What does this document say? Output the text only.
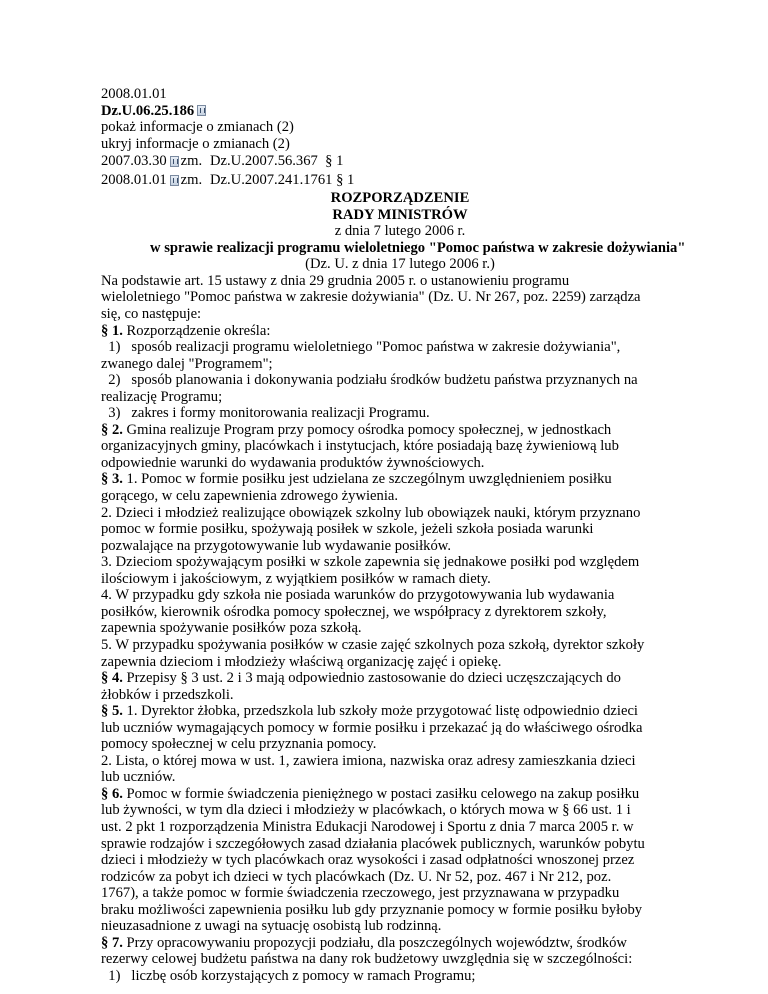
2008.01.01
Dz.U.06.25.186
pokaż informacje o zmianach (2)
ukryj informacje o zmianach (2)
2007.03.30 zm. Dz.U.2007.56.367  § 1
2008.01.01 zm. Dz.U.2007.241.1761 § 1
ROZPORZĄDZENIE
RADY MINISTRÓW
z dnia 7 lutego 2006 r.
w sprawie realizacji programu wieloletniego "Pomoc państwa w zakresie dożywiania"
(Dz. U. z dnia 17 lutego 2006 r.)
Na podstawie art. 15 ustawy z dnia 29 grudnia 2005 r. o ustanowieniu programu
wieloletniego "Pomoc państwa w zakresie dożywiania" (Dz. U. Nr 267, poz. 2259) zarządza
się, co następuje:
§ 1. Rozporządzenie określa:
1)   sposób realizacji programu wieloletniego "Pomoc państwa w zakresie dożywiania",
zwanego dalej "Programem";
2)   sposób planowania i dokonywania podziału środków budżetu państwa przyznanych na
realizację Programu;
3)   zakres i formy monitorowania realizacji Programu.
§ 2. Gmina realizuje Program przy pomocy ośrodka pomocy społecznej, w jednostkach
organizacyjnych gminy, placówkach i instytucjach, które posiadają bazę żywieniową lub
odpowiednie warunki do wydawania produktów żywnościowych.
§ 3. 1. Pomoc w formie posiłku jest udzielana ze szczególnym uwzględnieniem posiłku
gorącego, w celu zapewnienia zdrowego żywienia.
2. Dzieci i młodzież realizujące obowiązek szkolny lub obowiązek nauki, którym przyznano
pomoc w formie posiłku, spożywają posiłek w szkole, jeżeli szkoła posiada warunki
pozwalające na przygotowywanie lub wydawanie posiłków.
3. Dzieciom spożywającym posiłki w szkole zapewnia się jednakowe posiłki pod względem
ilościowym i jakościowym, z wyjątkiem posiłków w ramach diety.
4. W przypadku gdy szkoła nie posiada warunków do przygotowywania lub wydawania
posiłków, kierownik ośrodka pomocy społecznej, we współpracy z dyrektorem szkoły,
zapewnia spożywanie posiłków poza szkołą.
5. W przypadku spożywania posiłków w czasie zajęć szkolnych poza szkołą, dyrektor szkoły
zapewnia dzieciom i młodzieży właściwą organizację zajęć i opiekę.
§ 4. Przepisy § 3 ust. 2 i 3 mają odpowiednio zastosowanie do dzieci uczęszczających do
żłobków i przedszkoli.
§ 5. 1. Dyrektor żłobka, przedszkola lub szkoły może przygotować listę odpowiednio dzieci
lub uczniów wymagających pomocy w formie posiłku i przekazać ją do właściwego ośrodka
pomocy społecznej w celu przyznania pomocy.
2. Lista, o której mowa w ust. 1, zawiera imiona, nazwiska oraz adresy zamieszkania dzieci
lub uczniów.
§ 6. Pomoc w formie świadczenia pieniężnego w postaci zasiłku celowego na zakup posiłku
lub żywności, w tym dla dzieci i młodzieży w placówkach, o których mowa w § 66 ust. 1 i
ust. 2 pkt 1 rozporządzenia Ministra Edukacji Narodowej i Sportu z dnia 7 marca 2005 r. w
sprawie rodzajów i szczegółowych zasad działania placówek publicznych, warunków pobytu
dzieci i młodzieży w tych placówkach oraz wysokości i zasad odpłatności wnoszonej przez
rodziców za pobyt ich dzieci w tych placówkach (Dz. U. Nr 52, poz. 467 i Nr 212, poz.
1767), a także pomoc w formie świadczenia rzeczowego, jest przyznawana w przypadku
braku możliwości zapewnienia posiłku lub gdy przyznanie pomocy w formie posiłku byłoby
nieuzasadnione z uwagi na sytuację osobistą lub rodzinną.
§ 7. Przy opracowywaniu propozycji podziału, dla poszczególnych województw, środków
rezerwy celowej budżetu państwa na dany rok budżetowy uwzględnia się w szczególności:
1)   liczbę osób korzystających z pomocy w ramach Programu;
